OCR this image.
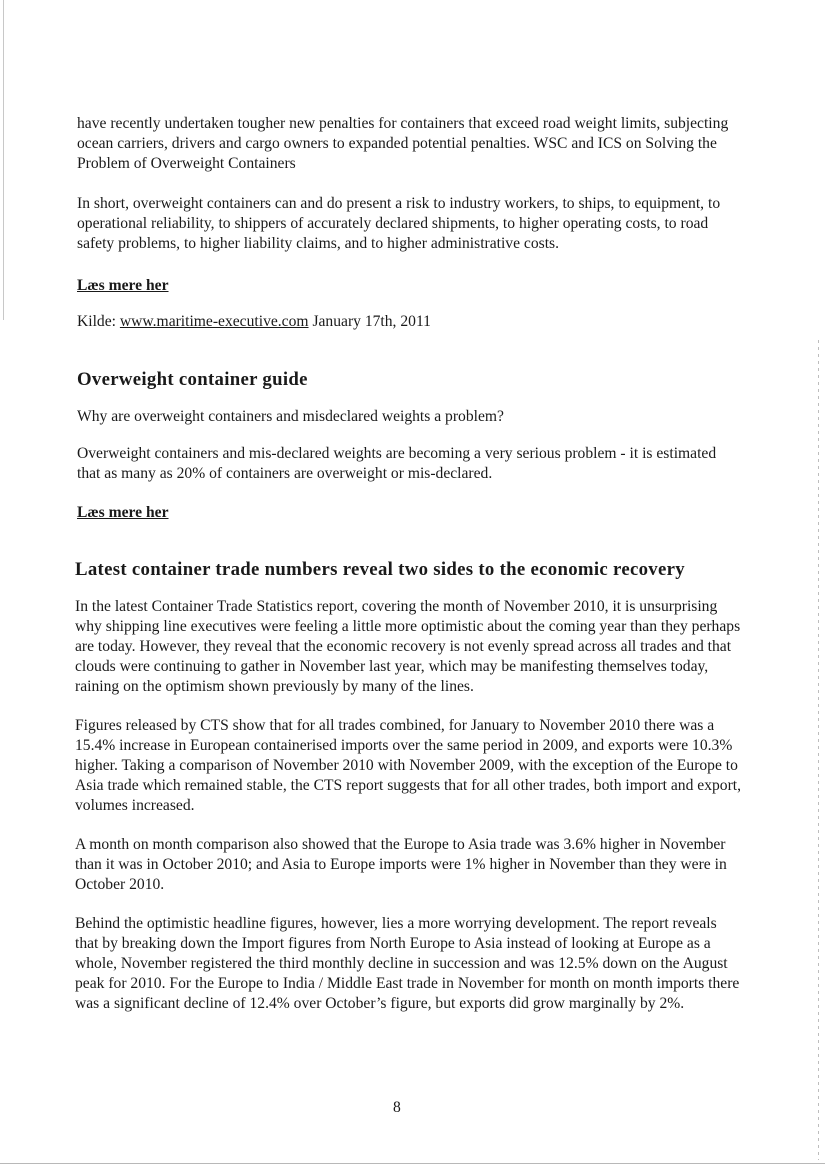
have recently undertaken tougher new penalties for containers that exceed road weight limits, subjecting ocean carriers, drivers and cargo owners to expanded potential penalties. WSC and ICS on Solving the Problem of Overweight Containers

In short, overweight containers can and do present a risk to industry workers, to ships, to equipment, to operational reliability, to shippers of accurately declared shipments, to higher operating costs, to road safety problems, to higher liability claims, and to higher administrative costs.

Læs mere her

Kilde: www.maritime-executive.com January 17th, 2011

Overweight container guide

Why are overweight containers and misdeclared weights a problem?

Overweight containers and mis-declared weights are becoming a very serious problem - it is estimated that as many as 20% of containers are overweight or mis-declared.

Læs mere her

Latest container trade numbers reveal two sides to the economic recovery

In the latest Container Trade Statistics report, covering the month of November 2010, it is unsurprising why shipping line executives were feeling a little more optimistic about the coming year than they perhaps are today. However, they reveal that the economic recovery is not evenly spread across all trades and that clouds were continuing to gather in November last year, which may be manifesting themselves today, raining on the optimism shown previously by many of the lines.

Figures released by CTS show that for all trades combined, for January to November 2010 there was a 15.4% increase in European containerised imports over the same period in 2009, and exports were 10.3% higher. Taking a comparison of November 2010 with November 2009, with the exception of the Europe to Asia trade which remained stable, the CTS report suggests that for all other trades, both import and export, volumes increased.

A month on month comparison also showed that the Europe to Asia trade was 3.6% higher in November than it was in October 2010; and Asia to Europe imports were 1% higher in November than they were in October 2010.

Behind the optimistic headline figures, however, lies a more worrying development. The report reveals that by breaking down the Import figures from North Europe to Asia instead of looking at Europe as a whole, November registered the third monthly decline in succession and was 12.5% down on the August peak for 2010. For the Europe to India / Middle East trade in November for month on month imports there was a significant decline of 12.4% over October’s figure, but exports did grow marginally by 2%.

8
